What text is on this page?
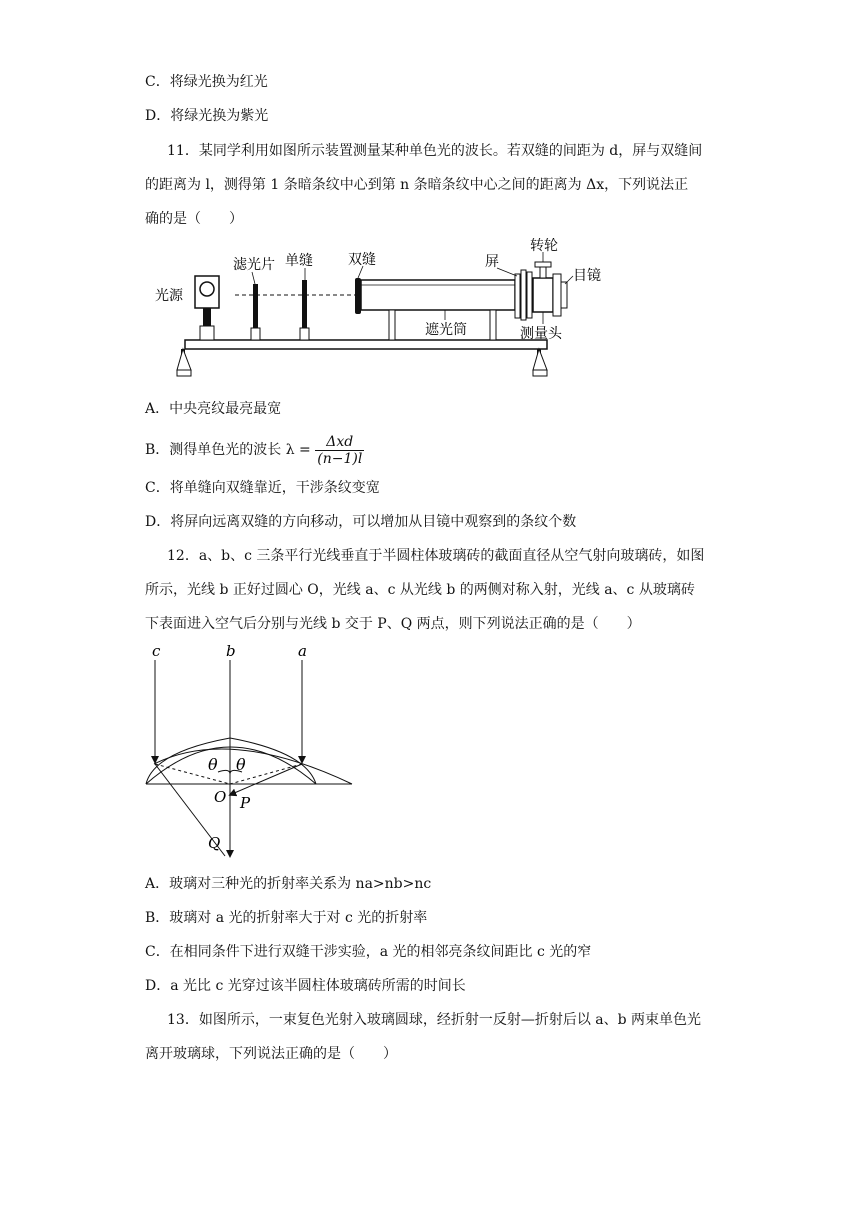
C．将绿光换为红光
D．将绿光换为紫光
11．某同学利用如图所示装置测量某种单色光的波长。若双缝的间距为 d，屏与双缝间
的距离为 l，测得第 1 条暗条纹中心到第 n 条暗条纹中心之间的距离为 Δx，下列说法正
确的是（　　）
光源
滤光片 单缝	双缝	屏
转轮
目镜
遮光筒	测量头
A．中央亮纹最亮最宽
B．测得单色光的波长 $\lambda = \frac{\text{Δxd}}{(n-1)l}$
C．将单缝向双缝靠近，干涉条纹变宽
D．将屏向远离双缝的方向移动，可以增加从目镜中观察到的条纹个数
12．a、b、c 三条平行光线垂直于半圆柱体玻璃砖的截面直径从空气射向玻璃砖，如图
所示，光线 b 正好过圆心 O，光线 a、c 从光线 b 的两侧对称入射，光线 a、c 从玻璃砖
下表面进入空气后分别与光线 b 交于 P、Q 两点，则下列说法正确的是（　　）
c	b	a
θ θ
O P
Q
A．玻璃对三种光的折射率关系为 na>nb>nc
B．玻璃对 a 光的折射率大于对 c 光的折射率
C．在相同条件下进行双缝干涉实验，a 光的相邻亮条纹间距比 c 光的窄
D．a 光比 c 光穿过该半圆柱体玻璃砖所需的时间长
13．如图所示，一束复色光射入玻璃圆球，经折射一反射—折射后以 a、b 两束单色光
离开玻璃球，下列说法正确的是（　　）
